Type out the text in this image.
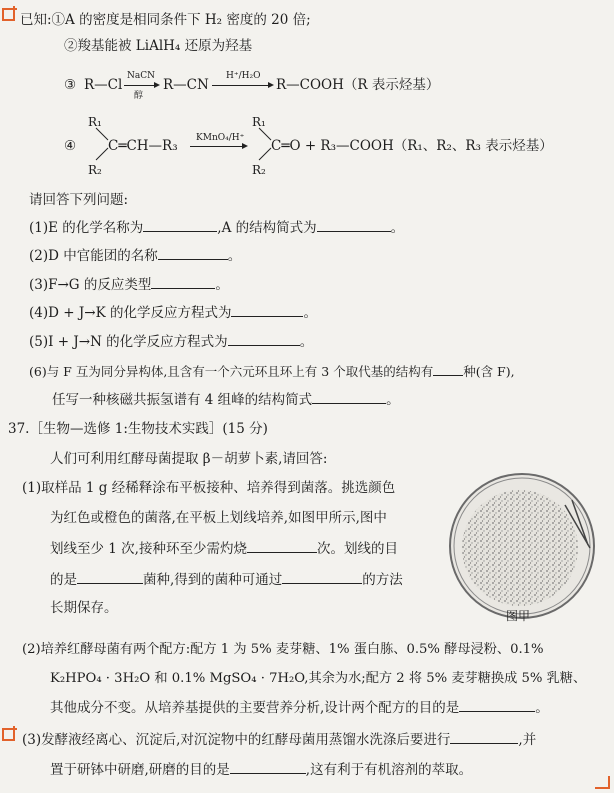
已知:①A 的密度是相同条件下 H₂ 密度的 20 倍;
②羧基能被 LiAlH₄ 还原为羟基
③ R—Cl
NaCN
醇
R—CN
H⁺/H₂O
R—COOH（R 表示烃基）
④
R₁
R₂
C═CH—R₃ KMnO₄/H⁺
R₁
R₂
C═O + R₃—COOH（R₁、R₂、R₃ 表示烃基）
请回答下列问题:
(1)E 的化学名称为	,A 的结构简式为	。
(2)D 中官能团的名称	。
(3)F→G 的反应类型	。
(4)D + J→K 的化学反应方程式为	。
(5)I + J→N 的化学反应方程式为	。
(6)与 F 互为同分异构体,且含有一个六元环且环上有 3 个取代基的结构有 种(含 F),
任写一种核磁共振氢谱有 4 组峰的结构简式	。
37.［生物—选修 1:生物技术实践］(15 分)
人们可利用红酵母菌提取 β－胡萝卜素,请回答:
(1)取样品 1 g 经稀释涂布平板接种、培养得到菌落。挑选颜色
为红色或橙色的菌落,在平板上划线培养,如图甲所示,图中
划线至少 1 次,接种环至少需灼烧	次。划线的目
的是	菌种,得到的菌种可通过	的方法
长期保存。	图甲
(2)培养红酵母菌有两个配方:配方 1 为 5% 麦芽糖、1% 蛋白胨、0.5% 酵母浸粉、0.1%
K₂HPO₄ · 3H₂O 和 0.1% MgSO₄ · 7H₂O,其余为水;配方 2 将 5% 麦芽糖换成 5% 乳糖、
其他成分不变。从培养基提供的主要营养分析,设计两个配方的目的是	。
(3)发酵液经离心、沉淀后,对沉淀物中的红酵母菌用蒸馏水洗涤后要进行	,并
置于研钵中研磨,研磨的目的是	,这有利于有机溶剂的萃取。
